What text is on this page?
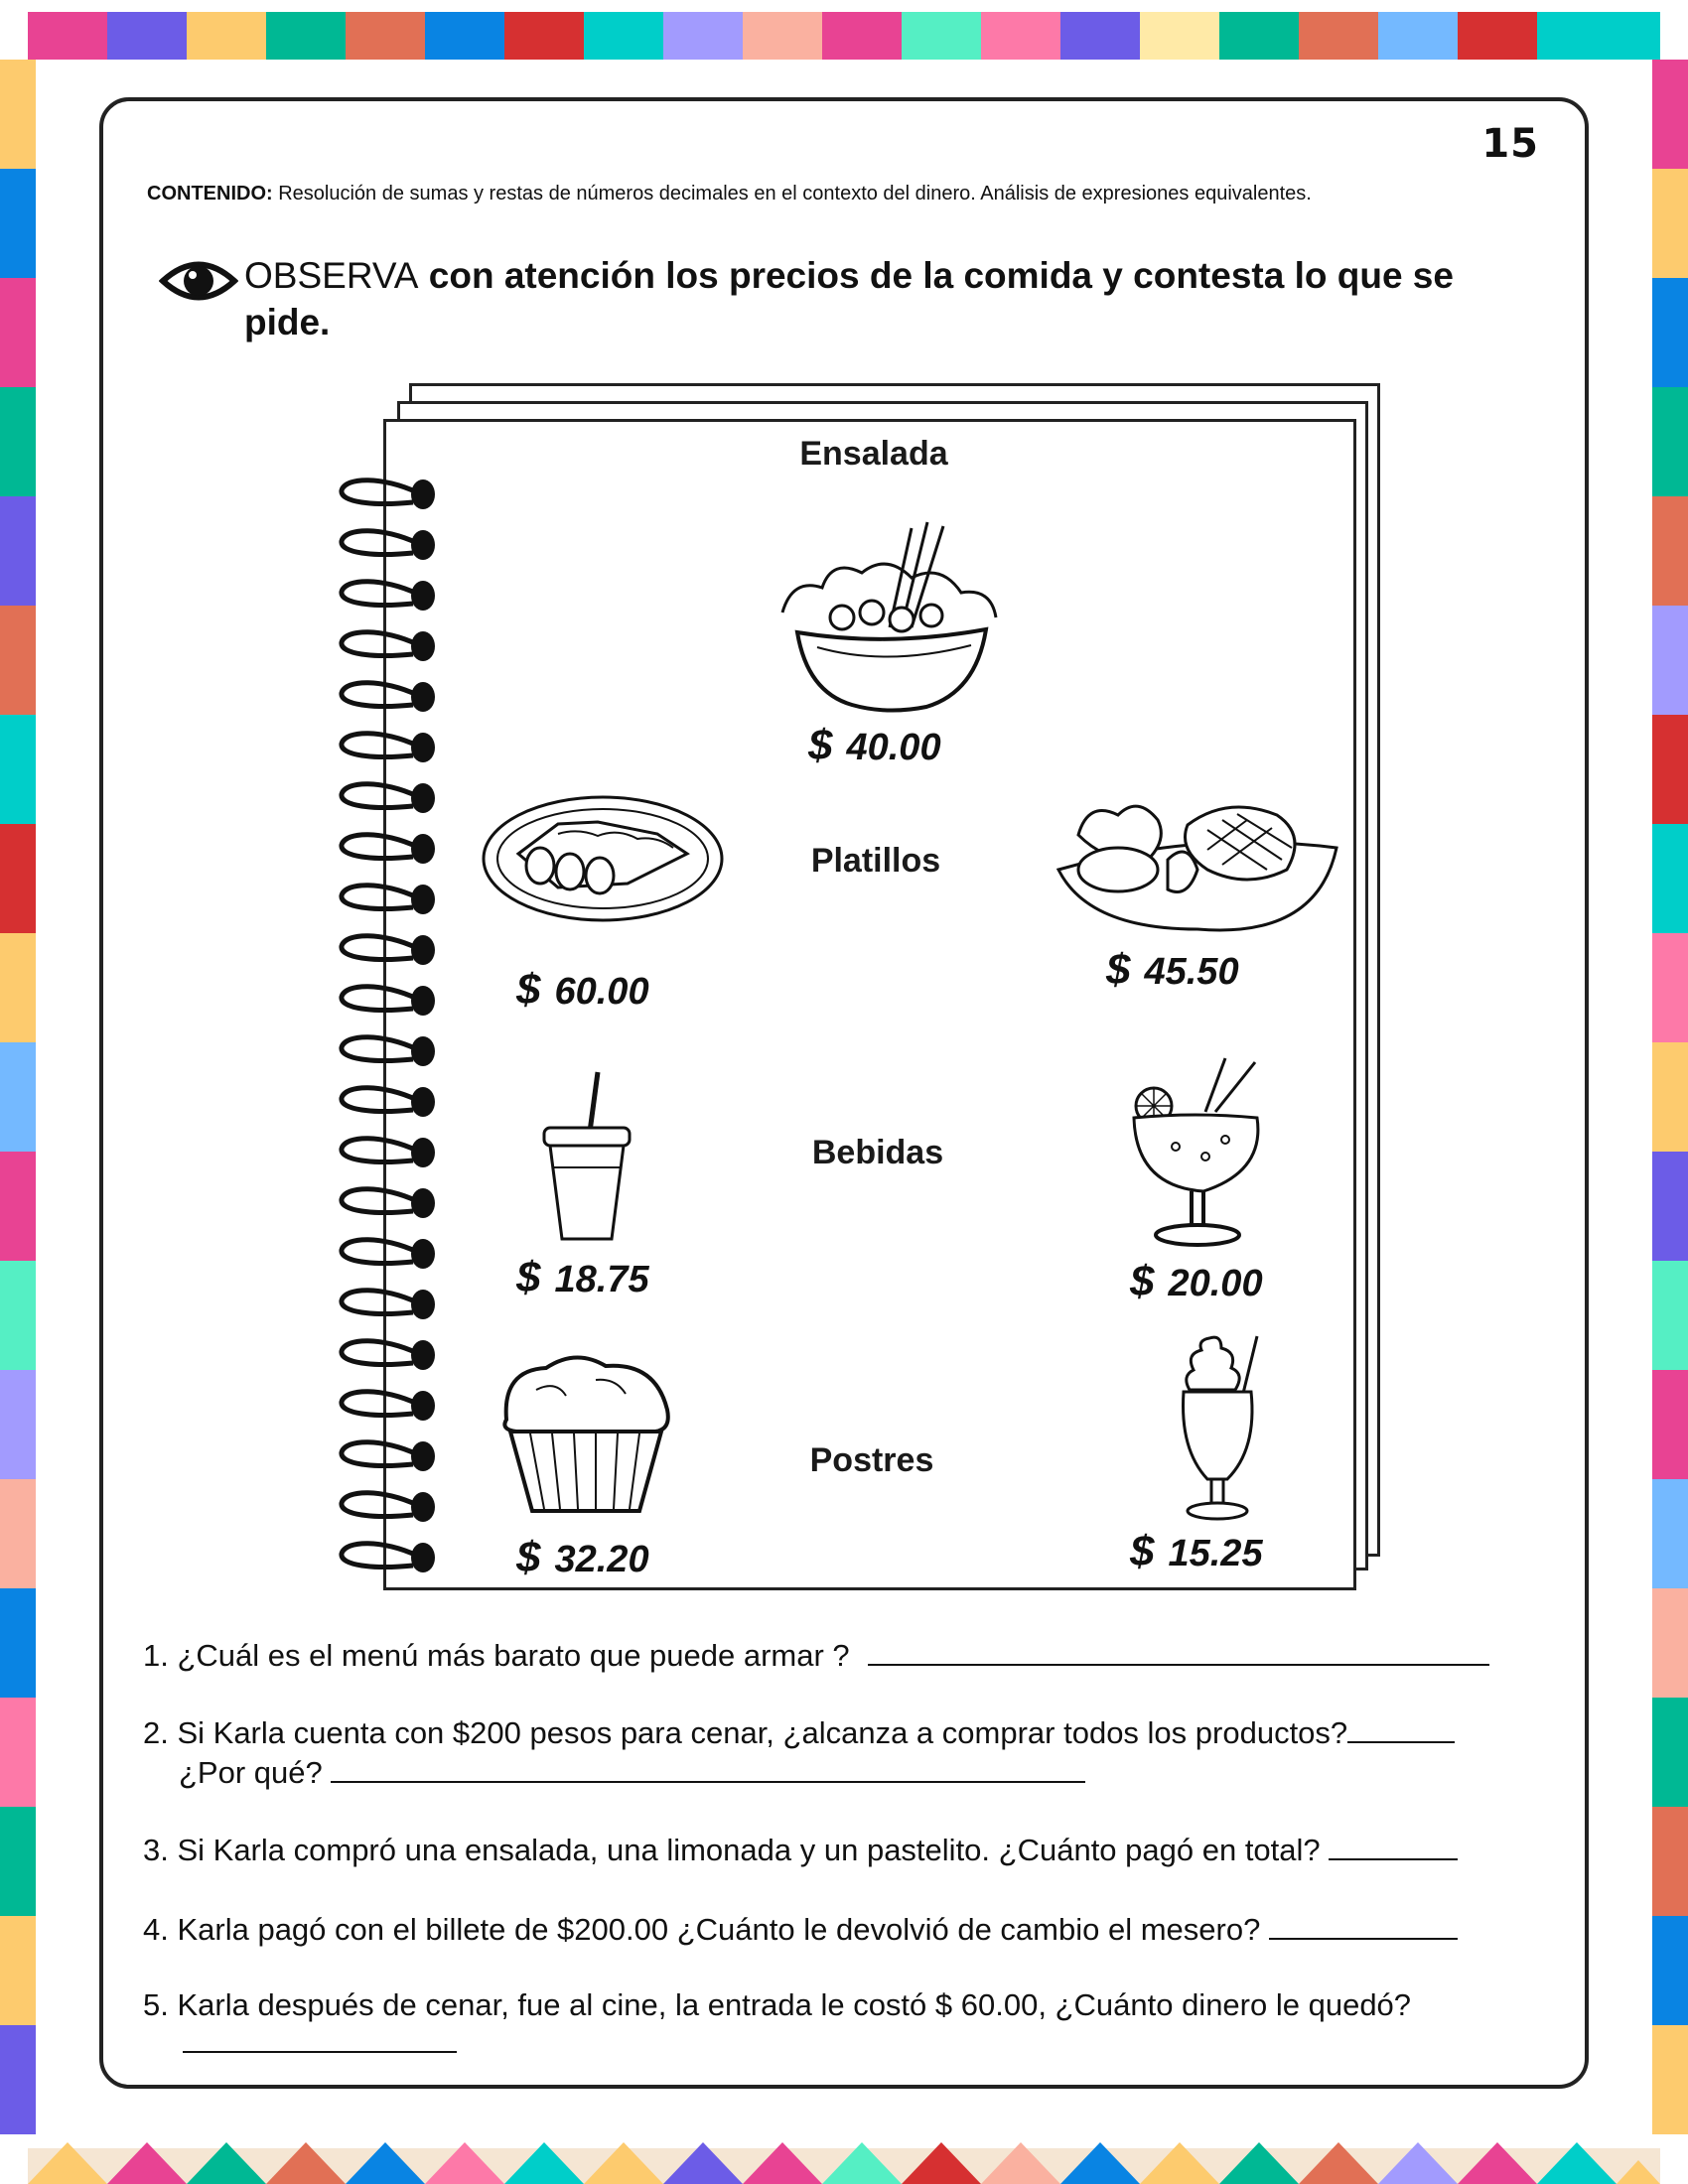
15
CONTENIDO: Resolución de sumas y restas de números decimales en el contexto del dinero. Análisis de expresiones equivalentes.
OBSERVA con atención los precios de la comida y contesta lo que se pide.
Ensalada
Platillos
Bebidas
Postres
$ 40.00
$ 60.00	$ 45.50
$ 18.75	$ 20.00
$ 32.20	$ 15.25
1. ¿Cuál es el menú más barato que puede armar ?
2. Si Karla cuenta con $200 pesos para cenar, ¿alcanza a comprar todos los productos?
¿Por qué?
3. Si Karla compró una ensalada, una limonada y un pastelito. ¿Cuánto pagó en total?
4. Karla pagó con el billete de $200.00 ¿Cuánto le devolvió de cambio el mesero?
5. Karla después de cenar, fue al cine, la entrada le costó $ 60.00, ¿Cuánto dinero le quedó?
